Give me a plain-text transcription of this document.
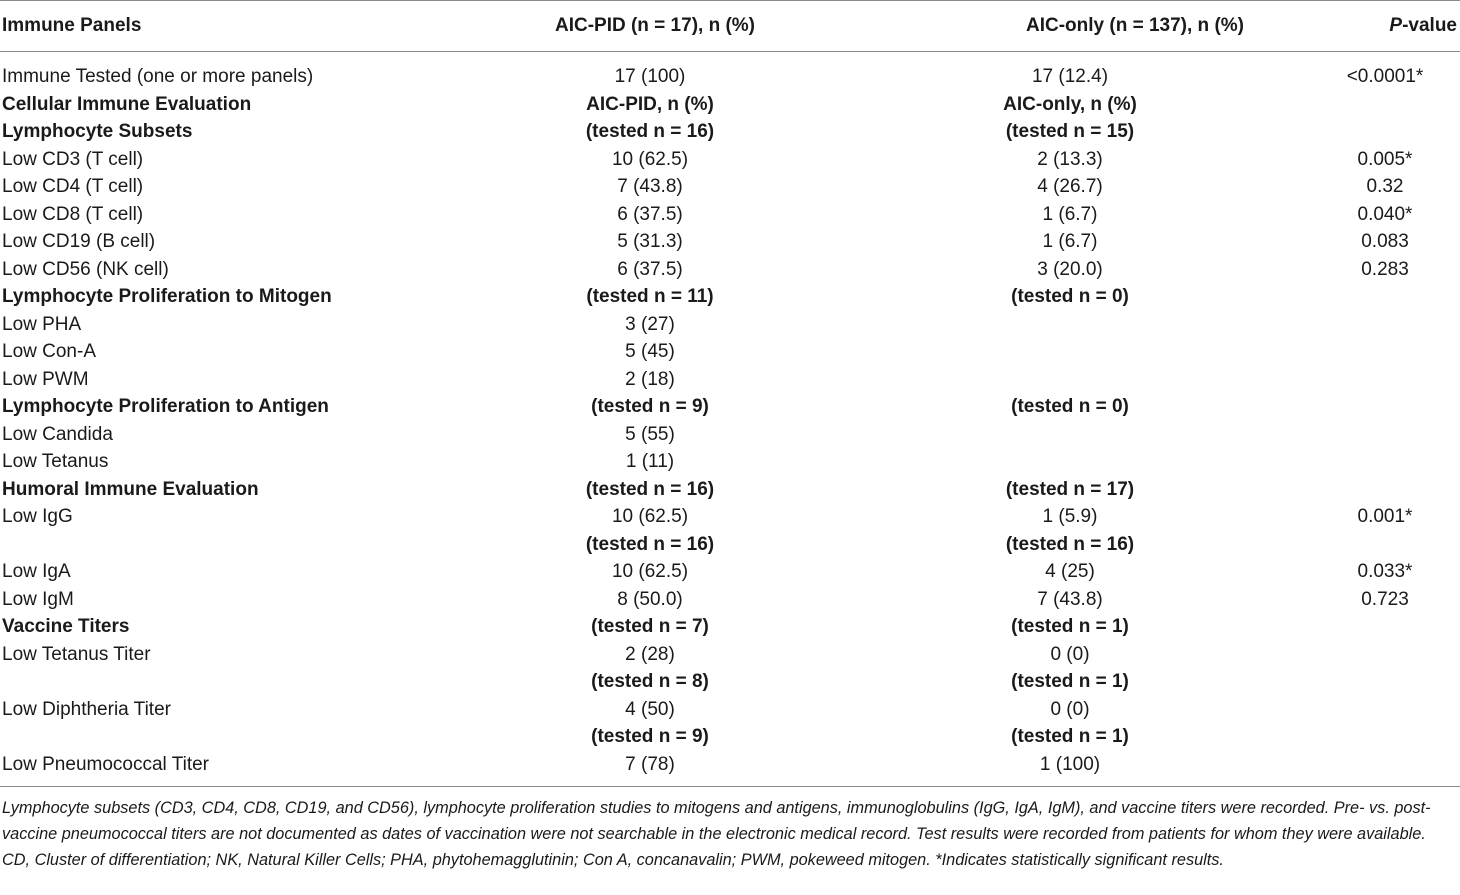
Immune Panels	AIC-PID (n = 17), n (%)	AIC-only (n = 137), n (%)	P-value
Immune Tested (one or more panels)	17 (100)	17 (12.4)	<0.0001*
Cellular Immune Evaluation	AIC-PID, n (%)	AIC-only, n (%)	
Lymphocyte Subsets	(tested n = 16)	(tested n = 15)	
Low CD3 (T cell)	10 (62.5)	2 (13.3)	0.005*
Low CD4 (T cell)	7 (43.8)	4 (26.7)	0.32
Low CD8 (T cell)	6 (37.5)	1 (6.7)	0.040*
Low CD19 (B cell)	5 (31.3)	1 (6.7)	0.083
Low CD56 (NK cell)	6 (37.5)	3 (20.0)	0.283
Lymphocyte Proliferation to Mitogen	(tested n = 11)	(tested n = 0)	
Low PHA	3 (27)		
Low Con-A	5 (45)		
Low PWM	2 (18)		
Lymphocyte Proliferation to Antigen	(tested n = 9)	(tested n = 0)	
Low Candida	5 (55)		
Low Tetanus	1 (11)		
Humoral Immune Evaluation	(tested n = 16)	(tested n = 17)	
Low IgG	10 (62.5)	1 (5.9)	0.001*
	(tested n = 16)	(tested n = 16)	
Low IgA	10 (62.5)	4 (25)	0.033*
Low IgM	8 (50.0)	7 (43.8)	0.723
Vaccine Titers	(tested n = 7)	(tested n = 1)	
Low Tetanus Titer	2 (28)	0 (0)	
	(tested n = 8)	(tested n = 1)	
Low Diphtheria Titer	4 (50)	0 (0)	
	(tested n = 9)	(tested n = 1)	
Low Pneumococcal Titer	7 (78)	1 (100)	

Lymphocyte subsets (CD3, CD4, CD8, CD19, and CD56), lymphocyte proliferation studies to mitogens and antigens, immunoglobulins (IgG, IgA, IgM), and vaccine titers were recorded. Pre- vs. post-vaccine pneumococcal titers are not documented as dates of vaccination were not searchable in the electronic medical record. Test results were recorded from patients for whom they were available.

CD, Cluster of differentiation; NK, Natural Killer Cells; PHA, phytohemagglutinin; Con A, concanavalin; PWM, pokeweed mitogen. *Indicates statistically significant results.
